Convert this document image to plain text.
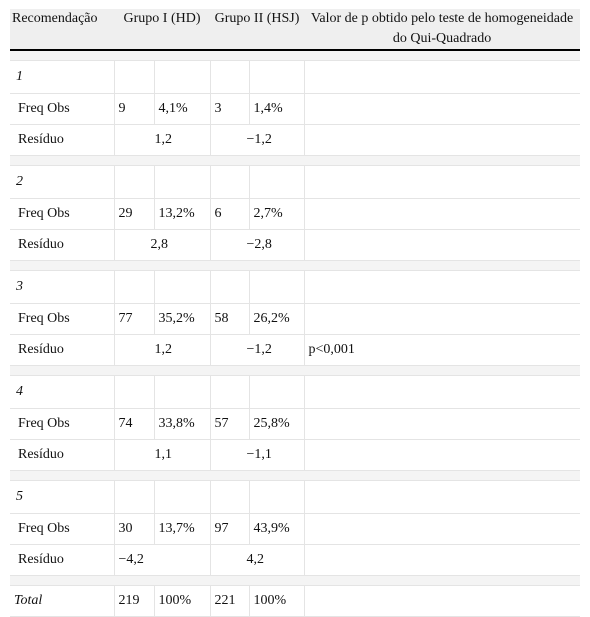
Recomendação	Grupo I (HD)		Grupo II (HSJ)		Valor de p obtido pelo teste de homogeneidade do Qui-Quadrado

1					
Freq Obs	9	4,1%	3	1,4%	
Resíduo	1,2		−1,2		

2					
Freq Obs	29	13,2%	6	2,7%	
Resíduo	2,8		−2,8		

3					
Freq Obs	77	35,2%	58	26,2%	
Resíduo	1,2		−1,2		p<0,001

4					
Freq Obs	74	33,8%	57	25,8%	
Resíduo	1,1		−1,1		

5					
Freq Obs	30	13,7%	97	43,9%	
Resíduo	−4,2		4,2		

Total	219	100%	221	100%	
